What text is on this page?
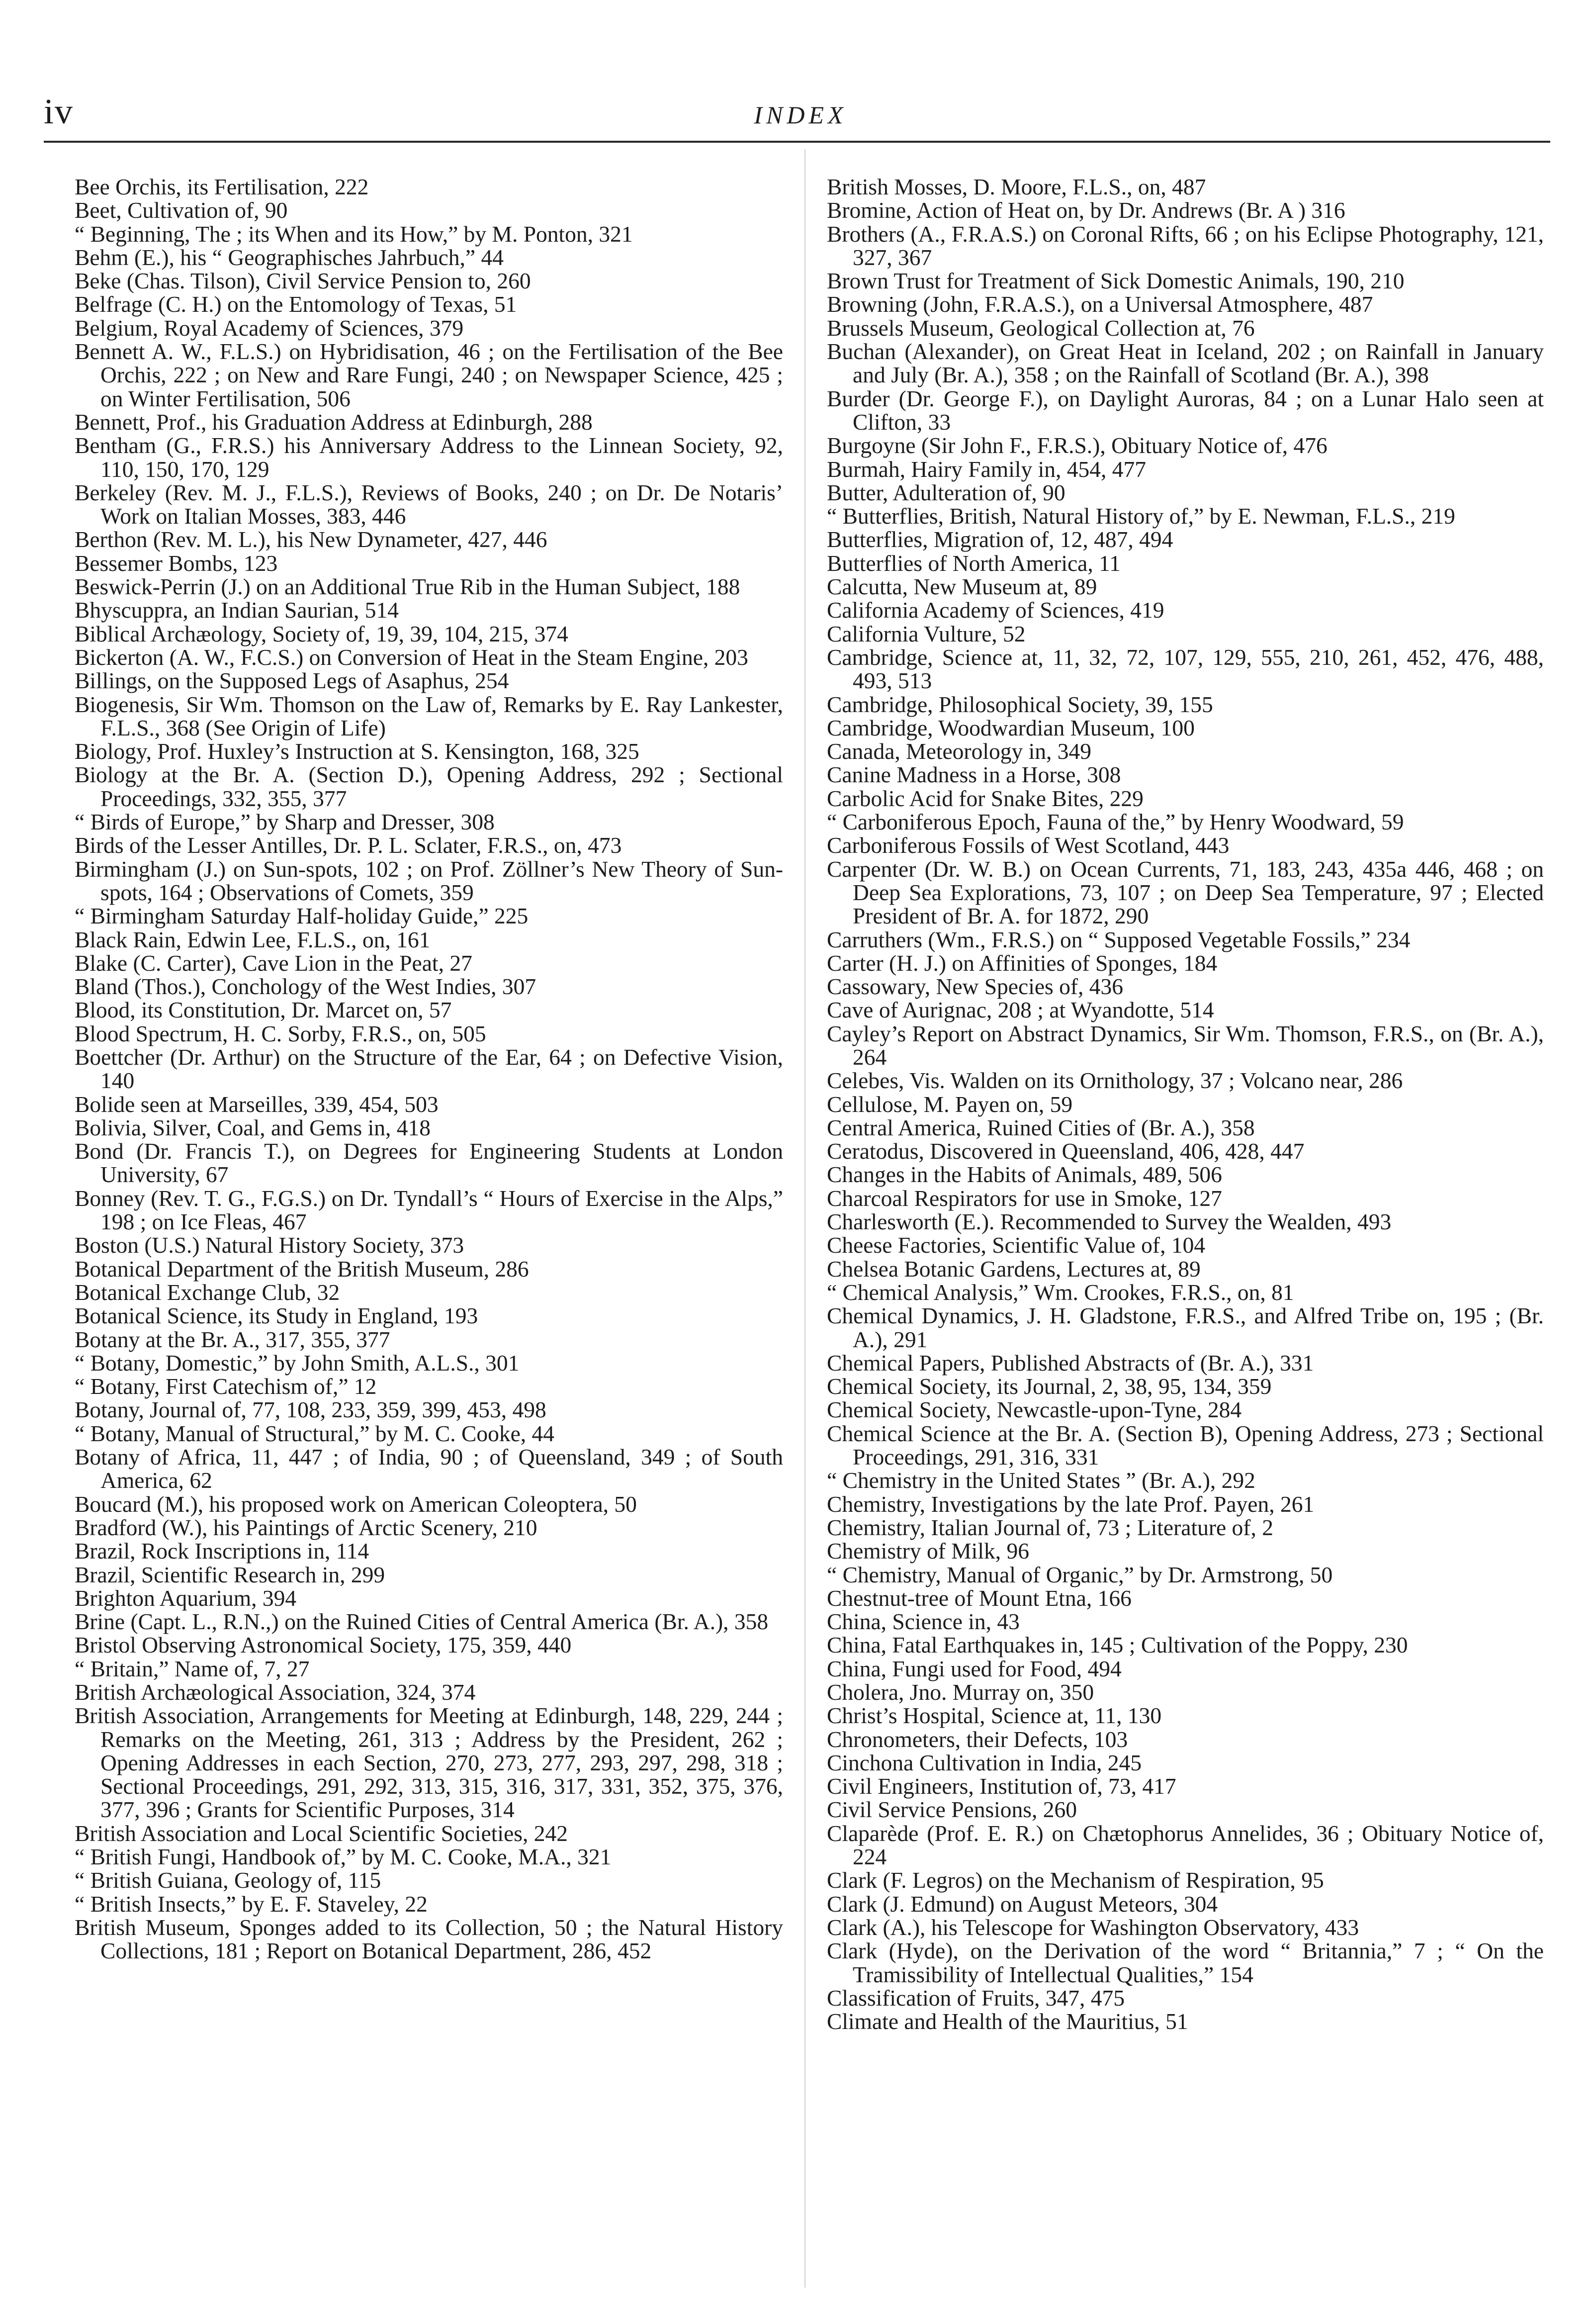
iv	INDEX

Bee Orchis, its Fertilisation, 222

Beet, Cultivation of, 90

“ Beginning, The ; its When and its How,” by M. Ponton, 321

Behm (E.), his “ Geographisches Jahrbuch,” 44

Beke (Chas. Tilson), Civil Service Pension to, 260

Belfrage (C. H.) on the Entomology of Texas, 51

Belgium, Royal Academy of Sciences, 379

Bennett A. W., F.L.S.) on Hybridisation, 46 ; on the Fertilisation of the Bee Orchis, 222 ; on New and Rare Fungi, 240 ; on Newspaper Science, 425 ; on Winter Fertilisation, 506

Bennett, Prof., his Graduation Address at Edinburgh, 288

Bentham (G., F.R.S.) his Anniversary Address to the Linnean Society, 92, 110, 150, 170, 129

Berkeley (Rev. M. J., F.L.S.), Reviews of Books, 240 ; on Dr. De Notaris’ Work on Italian Mosses, 383, 446

Berthon (Rev. M. L.), his New Dynameter, 427, 446

Bessemer Bombs, 123

Beswick-Perrin (J.) on an Additional True Rib in the Human Subject, 188

Bhyscuppra, an Indian Saurian, 514

Biblical Archæology, Society of, 19, 39, 104, 215, 374

Bickerton (A. W., F.C.S.) on Conversion of Heat in the Steam Engine, 203

Billings, on the Supposed Legs of Asaphus, 254

Biogenesis, Sir Wm. Thomson on the Law of, Remarks by E. Ray Lankester, F.L.S., 368 (See Origin of Life)

Biology, Prof. Huxley’s Instruction at S. Kensington, 168, 325

Biology at the Br. A. (Section D.), Opening Address, 292 ; Sectional Proceedings, 332, 355, 377

“ Birds of Europe,” by Sharp and Dresser, 308

Birds of the Lesser Antilles, Dr. P. L. Sclater, F.R.S., on, 473

Birmingham (J.) on Sun-spots, 102 ; on Prof. Zöllner’s New Theory of Sun-spots, 164 ; Observations of Comets, 359

“ Birmingham Saturday Half-holiday Guide,” 225

Black Rain, Edwin Lee, F.L.S., on, 161

Blake (C. Carter), Cave Lion in the Peat, 27

Bland (Thos.), Conchology of the West Indies, 307

Blood, its Constitution, Dr. Marcet on, 57

Blood Spectrum, H. C. Sorby, F.R.S., on, 505

Boettcher (Dr. Arthur) on the Structure of the Ear, 64 ; on Defective Vision, 140

Bolide seen at Marseilles, 339, 454, 503

Bolivia, Silver, Coal, and Gems in, 418

Bond (Dr. Francis T.), on Degrees for Engineering Students at London University, 67

Bonney (Rev. T. G., F.G.S.) on Dr. Tyndall’s “ Hours of Exercise in the Alps,” 198 ; on Ice Fleas, 467

Boston (U.S.) Natural History Society, 373

Botanical Department of the British Museum, 286

Botanical Exchange Club, 32

Botanical Science, its Study in England, 193

Botany at the Br. A., 317, 355, 377

“ Botany, Domestic,” by John Smith, A.L.S., 301

“ Botany, First Catechism of,” 12

Botany, Journal of, 77, 108, 233, 359, 399, 453, 498

“ Botany, Manual of Structural,” by M. C. Cooke, 44

Botany of Africa, 11, 447 ; of India, 90 ; of Queensland, 349 ; of South America, 62

Boucard (M.), his proposed work on American Coleoptera, 50

Bradford (W.), his Paintings of Arctic Scenery, 210

Brazil, Rock Inscriptions in, 114

Brazil, Scientific Research in, 299

Brighton Aquarium, 394

Brine (Capt. L., R.N.,) on the Ruined Cities of Central America (Br. A.), 358

Bristol Observing Astronomical Society, 175, 359, 440

“ Britain,” Name of, 7, 27

British Archæological Association, 324, 374

British Association, Arrangements for Meeting at Edinburgh, 148, 229, 244 ; Remarks on the Meeting, 261, 313 ; Address by the President, 262 ; Opening Addresses in each Section, 270, 273, 277, 293, 297, 298, 318 ; Sectional Proceedings, 291, 292, 313, 315, 316, 317, 331, 352, 375, 376, 377, 396 ; Grants for Scientific Purposes, 314

British Association and Local Scientific Societies, 242

“ British Fungi, Handbook of,” by M. C. Cooke, M.A., 321

“ British Guiana, Geology of, 115

“ British Insects,” by E. F. Staveley, 22

British Museum, Sponges added to its Collection, 50 ; the Natural History Collections, 181 ; Report on Botanical Department, 286, 452

British Mosses, D. Moore, F.L.S., on, 487

Bromine, Action of Heat on, by Dr. Andrews (Br. A ) 316

Brothers (A., F.R.A.S.) on Coronal Rifts, 66 ; on his Eclipse Photography, 121, 327, 367

Brown Trust for Treatment of Sick Domestic Animals, 190, 210

Browning (John, F.R.A.S.), on a Universal Atmosphere, 487

Brussels Museum, Geological Collection at, 76

Buchan (Alexander), on Great Heat in Iceland, 202 ; on Rainfall in January and July (Br. A.), 358 ; on the Rainfall of Scotland (Br. A.), 398

Burder (Dr. George F.), on Daylight Auroras, 84 ; on a Lunar Halo seen at Clifton, 33

Burgoyne (Sir John F., F.R.S.), Obituary Notice of, 476

Burmah, Hairy Family in, 454, 477

Butter, Adulteration of, 90

“ Butterflies, British, Natural History of,” by E. Newman, F.L.S., 219

Butterflies, Migration of, 12, 487, 494

Butterflies of North America, 11

Calcutta, New Museum at, 89

California Academy of Sciences, 419

California Vulture, 52

Cambridge, Science at, 11, 32, 72, 107, 129, 555, 210, 261, 452, 476, 488, 493, 513

Cambridge, Philosophical Society, 39, 155

Cambridge, Woodwardian Museum, 100

Canada, Meteorology in, 349

Canine Madness in a Horse, 308

Carbolic Acid for Snake Bites, 229

“ Carboniferous Epoch, Fauna of the,” by Henry Woodward, 59

Carboniferous Fossils of West Scotland, 443

Carpenter (Dr. W. B.) on Ocean Currents, 71, 183, 243, 435a 446, 468 ; on Deep Sea Explorations, 73, 107 ; on Deep Sea Temperature, 97 ; Elected President of Br. A. for 1872, 290

Carruthers (Wm., F.R.S.) on “ Supposed Vegetable Fossils,” 234

Carter (H. J.) on Affinities of Sponges, 184

Cassowary, New Species of, 436

Cave of Aurignac, 208 ; at Wyandotte, 514

Cayley’s Report on Abstract Dynamics, Sir Wm. Thomson, F.R.S., on (Br. A.), 264

Celebes, Vis. Walden on its Ornithology, 37 ; Volcano near, 286

Cellulose, M. Payen on, 59

Central America, Ruined Cities of (Br. A.), 358

Ceratodus, Discovered in Queensland, 406, 428, 447

Changes in the Habits of Animals, 489, 506

Charcoal Respirators for use in Smoke, 127

Charlesworth (E.). Recommended to Survey the Wealden, 493

Cheese Factories, Scientific Value of, 104

Chelsea Botanic Gardens, Lectures at, 89

“ Chemical Analysis,” Wm. Crookes, F.R.S., on, 81

Chemical Dynamics, J. H. Gladstone, F.R.S., and Alfred Tribe on, 195 ; (Br. A.), 291

Chemical Papers, Published Abstracts of (Br. A.), 331

Chemical Society, its Journal, 2, 38, 95, 134, 359

Chemical Society, Newcastle-upon-Tyne, 284

Chemical Science at the Br. A. (Section B), Opening Address, 273 ; Sectional Proceedings, 291, 316, 331

“ Chemistry in the United States ” (Br. A.), 292

Chemistry, Investigations by the late Prof. Payen, 261

Chemistry, Italian Journal of, 73 ; Literature of, 2

Chemistry of Milk, 96

“ Chemistry, Manual of Organic,” by Dr. Armstrong, 50

Chestnut-tree of Mount Etna, 166

China, Science in, 43

China, Fatal Earthquakes in, 145 ; Cultivation of the Poppy, 230

China, Fungi used for Food, 494

Cholera, Jno. Murray on, 350

Christ’s Hospital, Science at, 11, 130

Chronometers, their Defects, 103

Cinchona Cultivation in India, 245

Civil Engineers, Institution of, 73, 417

Civil Service Pensions, 260

Claparède (Prof. E. R.) on Chætophorus Annelides, 36 ; Obituary Notice of, 224

Clark (F. Legros) on the Mechanism of Respiration, 95

Clark (J. Edmund) on August Meteors, 304

Clark (A.), his Telescope for Washington Observatory, 433

Clark (Hyde), on the Derivation of the word “ Britannia,” 7 ; “ On the Tramissibility of Intellectual Qualities,” 154

Classification of Fruits, 347, 475

Climate and Health of the Mauritius, 51
